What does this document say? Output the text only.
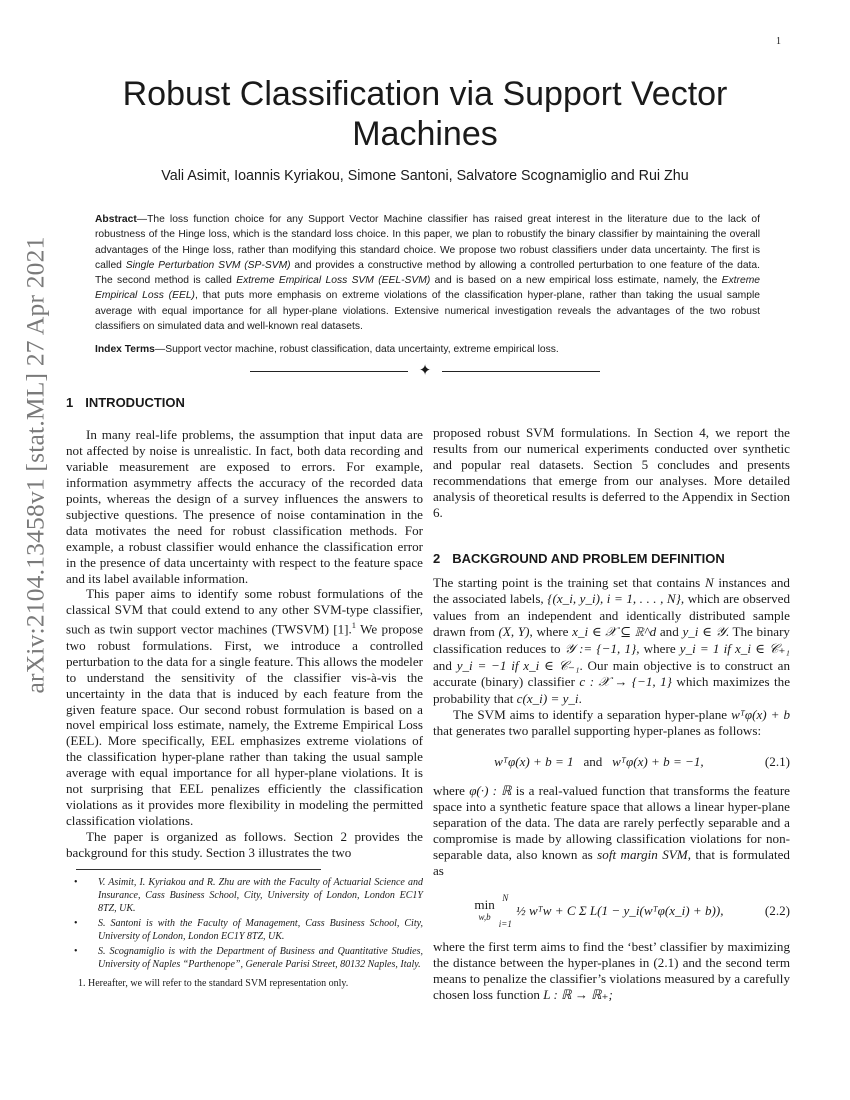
1
arXiv:2104.13458v1 [stat.ML] 27 Apr 2021
Robust Classification via Support Vector Machines
Vali Asimit, Ioannis Kyriakou, Simone Santoni, Salvatore Scognamiglio and Rui Zhu

Abstract—The loss function choice for any Support Vector Machine classifier has raised great interest in the literature due to the lack of robustness of the Hinge loss, which is the standard loss choice. In this paper, we plan to robustify the binary classifier by maintaining the overall advantages of the Hinge loss, rather than modifying this standard choice. We propose two robust classifiers under data uncertainty. The first is called Single Perturbation SVM (SP-SVM) and provides a constructive method by allowing a controlled perturbation to one feature of the data. The second method is called Extreme Empirical Loss SVM (EEL-SVM) and is based on a new empirical loss estimate, namely, the Extreme Empirical Loss (EEL), that puts more emphasis on extreme violations of the classification hyper-plane, rather than taking the usual sample average with equal importance for all hyper-plane violations. Extensive numerical investigation reveals the advantages of the two robust classifiers on simulated data and well-known real datasets.

Index Terms—Support vector machine, robust classification, data uncertainty, extreme empirical loss.

✦
1 INTRODUCTION

In many real-life problems, the assumption that input data are not affected by noise is unrealistic. In fact, both data recording and variable measurement are exposed to errors. For example, information asymmetry affects the accuracy of the recorded data points, whereas the design of a survey influences the answers to subjective questions. The presence of noise contamination in the data motivates the need for robust classification methods. For example, a robust classifier would enhance the classification error in the presence of data uncertainty with respect to the feature space and its label available information.

This paper aims to identify some robust formulations of the classical SVM that could extend to any other SVM-type classifier, such as twin support vector machines (TWSVM) [1].$^1$ We propose two robust formulations. First, we introduce a controlled perturbation to the data for a single feature. This allows the modeler to understand the sensitivity of the classifier vis-à-vis the uncertainty in the data that is induced by each feature from the given feature space. Our second robust formulation is based on a novel empirical loss estimate, namely, the Extreme Empirical Loss (EEL). More specifically, EEL emphasizes extreme violations of the classification hyper-plane rather than taking the usual sample average with equal importance for all hyper-plane violations. It is not surprising that EEL penalizes efficiently the classification violations as it provides more flexibility in modeling the permitted classification violations.

The paper is organized as follows. Section 2 provides the background for this study. Section 3 illustrates the two

• V. Asimit, I. Kyriakou and R. Zhu are with the Faculty of Actuarial Science and Insurance, Cass Business School, City, University of London, London EC1Y 8TZ, UK.

• S. Santoni is with the Faculty of Management, Cass Business School, City, University of London, London EC1Y 8TZ, UK.

• S. Scognamiglio is with the Department of Business and Quantitative Studies, University of Naples “Parthenope”, Generale Parisi Street, 80132 Naples, Italy.

1. Hereafter, we will refer to the standard SVM representation only.

proposed robust SVM formulations. In Section 4, we report the results from our numerical experiments conducted over synthetic and popular real datasets. Section 5 concludes and presents recommendations that emerge from our analyses. More detailed analysis of theoretical results is deferred to the Appendix in Section 6.

2 BACKGROUND AND PROBLEM DEFINITION

The starting point is the training set that contains N instances and the associated labels, {(x_i, y_i), i = 1, . . . , N}, which are observed values from an independent and identically distributed sample drawn from (X, Y), where x_i ∈ 𝒳 ⊆ ℝ^d and y_i ∈ 𝒴. The binary classification reduces to 𝒴 := {−1, 1}, where y_i = 1 if x_i ∈ 𝒞₊₁ and y_i = −1 if x_i ∈ 𝒞₋₁. Our main objective is to construct an accurate (binary) classifier c : 𝒳 → {−1, 1} which maximizes the probability that c(x_i) = y_i.

The SVM aims to identify a separation hyper-plane wᵀφ(x) + b that generates two parallel supporting hyper-planes as follows:

wᵀφ(x) + b = 1 and wᵀφ(x) + b = −1,	(2.1)

where φ(·) : ℝ is a real-valued function that transforms the feature space into a synthetic feature space that allows a linear hyper-plane separation of the data. The data are rarely perfectly separable and a compromise is made by allowing classification violations for non-separable data, also known as soft margin SVM, that is formulated as

min
w,b
N

i=1
½ wᵀw + C Σ L(1 − y_i(wᵀφ(x_i) + b)),	(2.2)

where the first term aims to find the ‘best’ classifier by maximizing the distance between the hyper-planes in (2.1) and the second term means to penalize the classifier’s violations measured by a carefully chosen loss function L : ℝ → ℝ₊;
